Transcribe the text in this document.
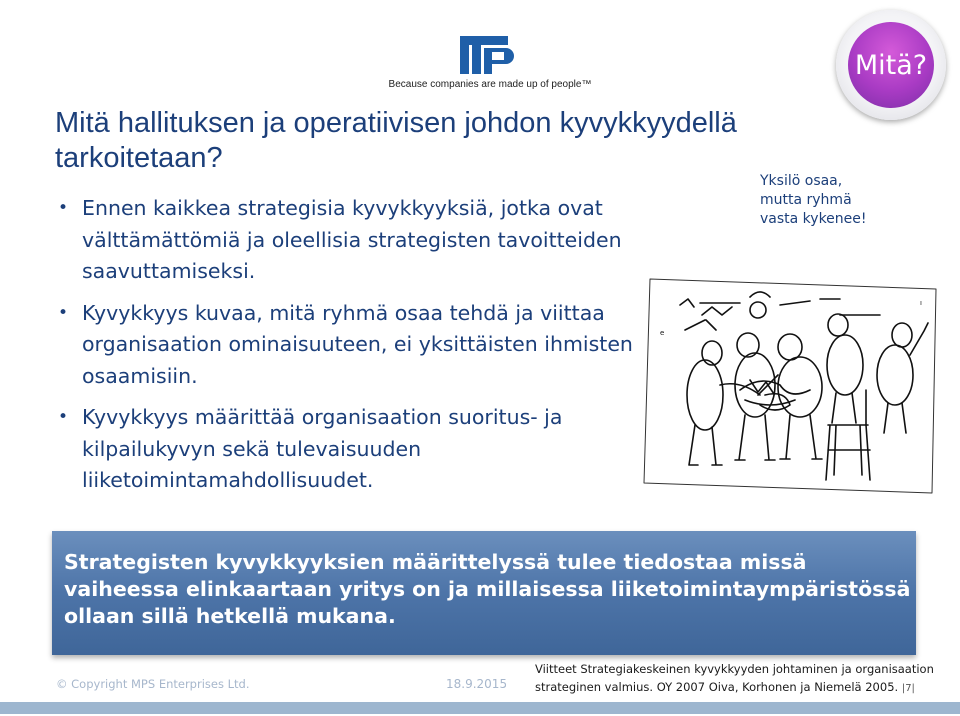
Because companies are made up of people™
Mitä?
Mitä hallituksen ja operatiivisen johdon kyvykkyydellä tarkoitetaan?
• Ennen kaikkea strategisia kyvykkyyksiä, jotka ovat välttämättömiä ja oleellisia strategisten tavoitteiden saavuttamiseksi.
• Kyvykkyys kuvaa, mitä ryhmä osaa tehdä ja viittaa organisaation ominaisuuteen, ei yksittäisten ihmisten osaamisiin.
• Kyvykkyys määrittää organisaation suoritus- ja kilpailukyvyn sekä tulevaisuuden liiketoimintamahdollisuudet.
Yksilö osaa,
mutta ryhmä
vasta kykenee!
e
ı
Strategisten kyvykkyyksien määrittelyssä tulee tiedostaa missä vaiheessa elinkaartaan yritys on ja millaisessa liiketoimintaympäristössä ollaan sillä hetkellä mukana.
© Copyright MPS Enterprises Ltd.	18.9.2015
Viitteet Strategiakeskeinen kyvykkyyden johtaminen ja organisaation strateginen valmius. OY 2007 Oiva, Korhonen ja Niemelä 2005. |7|
